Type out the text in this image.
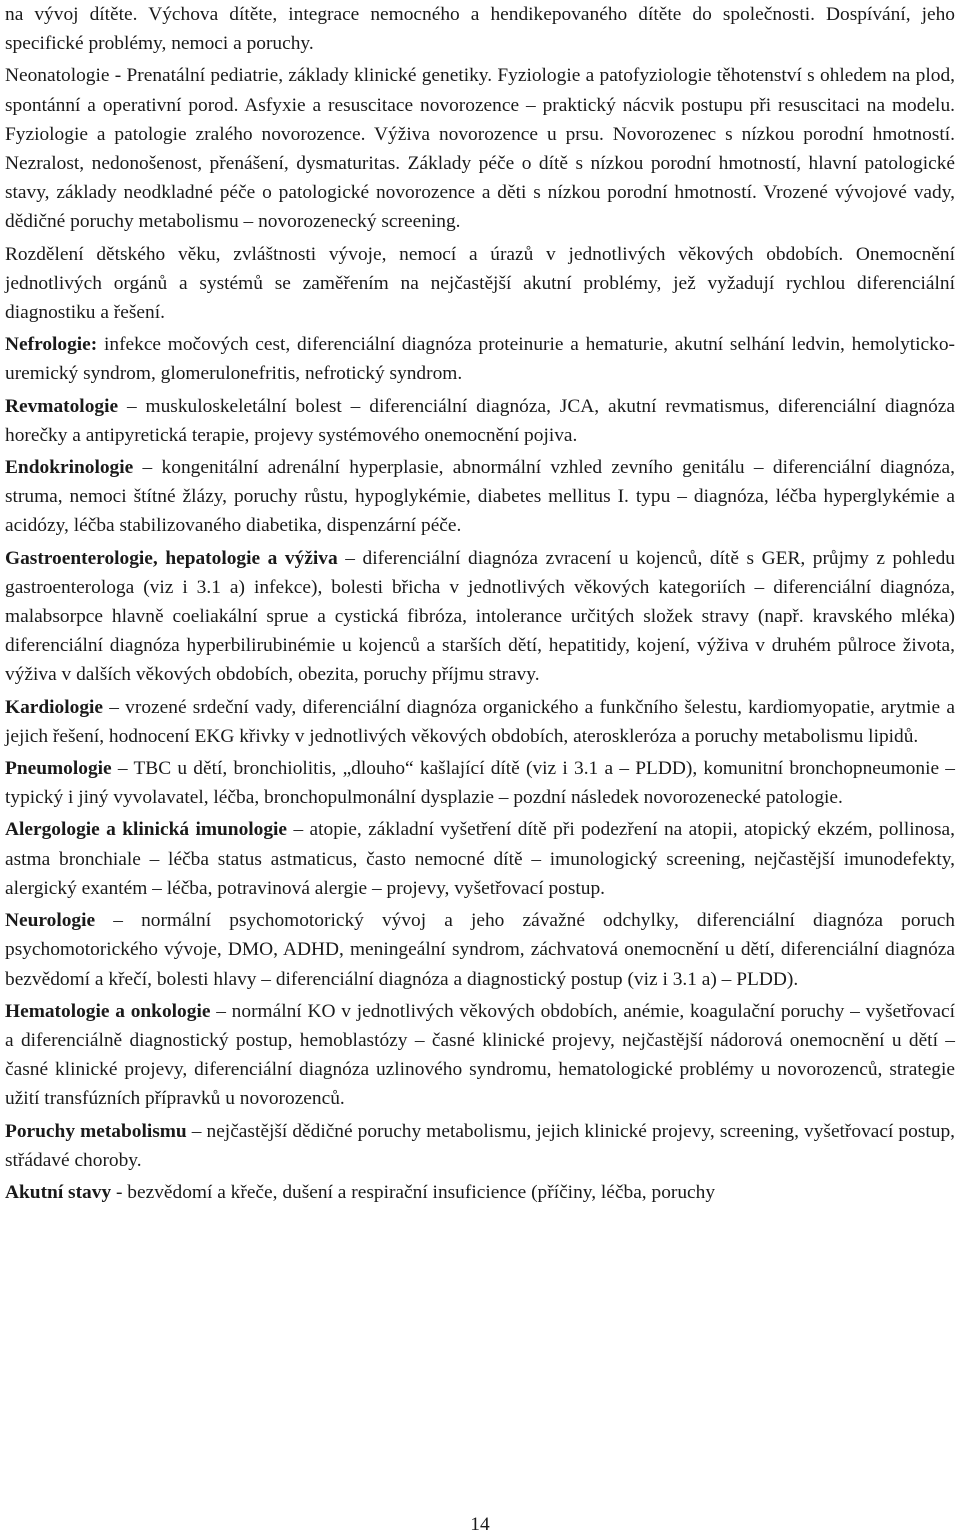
na vývoj dítěte. Výchova dítěte, integrace nemocného a hendikepovaného dítěte do společnosti. Dospívání, jeho specifické problémy, nemoci a poruchy.

Neonatologie - Prenatální pediatrie, základy klinické genetiky. Fyziologie a patofyziologie těhotenství s ohledem na plod, spontánní a operativní porod. Asfyxie a resuscitace novorozence – praktický nácvik postupu při resuscitaci na modelu. Fyziologie a patologie zralého novorozence. Výživa novorozence u prsu. Novorozenec s nízkou porodní hmotností. Nezralost, nedonošenost, přenášení, dysmaturitas. Základy péče o dítě s nízkou porodní hmotností, hlavní patologické stavy, základy neodkladné péče o patologické novorozence a děti s nízkou porodní hmotností. Vrozené vývojové vady, dědičné poruchy metabolismu – novorozenecký screening.

Rozdělení dětského věku, zvláštnosti vývoje, nemocí a úrazů v jednotlivých věkových obdobích. Onemocnění jednotlivých orgánů a systémů se zaměřením na nejčastější akutní problémy, jež vyžadují rychlou diferenciální diagnostiku a řešení.

Nefrologie: infekce močových cest, diferenciální diagnóza proteinurie a hematurie, akutní selhání ledvin, hemolyticko-uremický syndrom, glomerulonefritis, nefrotický syndrom.

Revmatologie – muskuloskeletální bolest – diferenciální diagnóza, JCA, akutní revmatismus, diferenciální diagnóza horečky a antipyretická terapie, projevy systémového onemocnění pojiva.

Endokrinologie – kongenitální adrenální hyperplasie, abnormální vzhled zevního genitálu – diferenciální diagnóza, struma, nemoci štítné žlázy, poruchy růstu, hypoglykémie, diabetes mellitus I. typu – diagnóza, léčba hyperglykémie a acidózy, léčba stabilizovaného diabetika, dispenzární péče.

Gastroenterologie, hepatologie a výživa – diferenciální diagnóza zvracení u kojenců, dítě s GER, průjmy z pohledu gastroenterologa (viz i 3.1 a) infekce), bolesti břicha v jednotlivých věkových kategoriích – diferenciální diagnóza, malabsorpce hlavně coeliakální sprue a cystická fibróza, intolerance určitých složek stravy (např. kravského mléka) diferenciální diagnóza hyperbilirubinémie u kojenců a starších dětí, hepatitidy, kojení, výživa v druhém půlroce života, výživa v dalších věkových obdobích, obezita, poruchy příjmu stravy.

Kardiologie – vrozené srdeční vady, diferenciální diagnóza organického a funkčního šelestu, kardiomyopatie, arytmie a jejich řešení, hodnocení EKG křivky v jednotlivých věkových obdobích, ateroskleróza a poruchy metabolismu lipidů.

Pneumologie – TBC u dětí, bronchiolitis, „dlouho“ kašlající dítě (viz i 3.1 a – PLDD), komunitní bronchopneumonie – typický i jiný vyvolavatel, léčba, bronchopulmonální dysplazie – pozdní následek novorozenecké patologie.

Alergologie a klinická imunologie – atopie, základní vyšetření dítě při podezření na atopii, atopický ekzém, pollinosa, astma bronchiale – léčba status astmaticus, často nemocné dítě – imunologický screening, nejčastější imunodefekty, alergický exantém – léčba, potravinová alergie – projevy, vyšetřovací postup.

Neurologie – normální psychomotorický vývoj a jeho závažné odchylky, diferenciální diagnóza poruch psychomotorického vývoje, DMO, ADHD, meningeální syndrom, záchvatová onemocnění u dětí, diferenciální diagnóza bezvědomí a křečí, bolesti hlavy – diferenciální diagnóza a diagnostický postup (viz i 3.1 a) – PLDD).

Hematologie a onkologie – normální KO v jednotlivých věkových obdobích, anémie, koagulační poruchy – vyšetřovací a diferenciálně diagnostický postup, hemoblastózy – časné klinické projevy, nejčastější nádorová onemocnění u dětí – časné klinické projevy, diferenciální diagnóza uzlinového syndromu, hematologické problémy u novorozenců, strategie užití transfúzních přípravků u novorozenců.

Poruchy metabolismu – nejčastější dědičné poruchy metabolismu, jejich klinické projevy, screening, vyšetřovací postup, střádavé choroby.

Akutní stavy - bezvědomí a křeče, dušení a respirační insuficience (příčiny, léčba, poruchy

14
